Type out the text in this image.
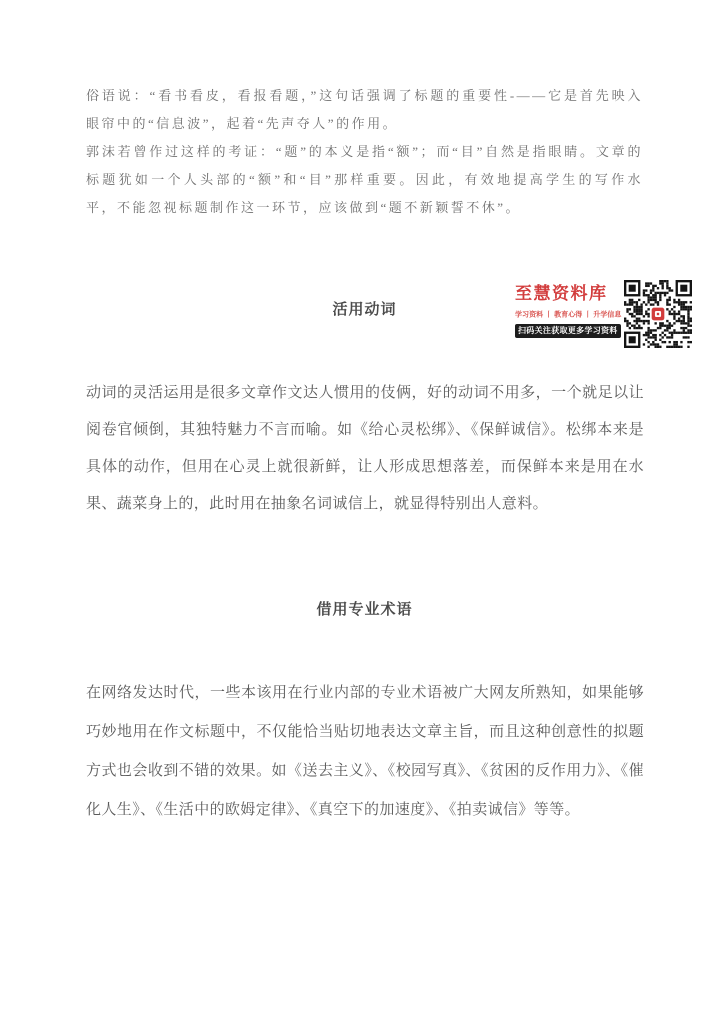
俗语说：“看书看皮，看报看题，”这句话强调了标题的重要性-——它是首先映入眼帘中的“信息波”，起着“先声夺人”的作用。

郭沫若曾作过这样的考证：“题”的本义是指“额”；而“目”自然是指眼睛。文章的标题犹如一个人头部的“额”和“目”那样重要。因此，有效地提高学生的写作水平，不能忽视标题制作这一环节，应该做到“题不新颖誓不休”。

活用动词
至慧资料库
学习资料 丨 教育心得 丨 升学信息
扫码关注获取更多学习资料
动词的灵活运用是很多文章作文达人惯用的伎俩，好的动词不用多，一个就足以让阅卷官倾倒，其独特魅力不言而喻。如《给心灵松绑》、《保鲜诚信》。松绑本来是具体的动作，但用在心灵上就很新鲜，让人形成思想落差，而保鲜本来是用在水果、蔬菜身上的，此时用在抽象名词诚信上，就显得特别出人意料。
借用专业术语
在网络发达时代，一些本该用在行业内部的专业术语被广大网友所熟知，如果能够巧妙地用在作文标题中，不仅能恰当贴切地表达文章主旨，而且这种创意性的拟题方式也会收到不错的效果。如《送去主义》、《校园写真》、《贫困的反作用力》、《催化人生》、《生活中的欧姆定律》、《真空下的加速度》、《拍卖诚信》等等。
